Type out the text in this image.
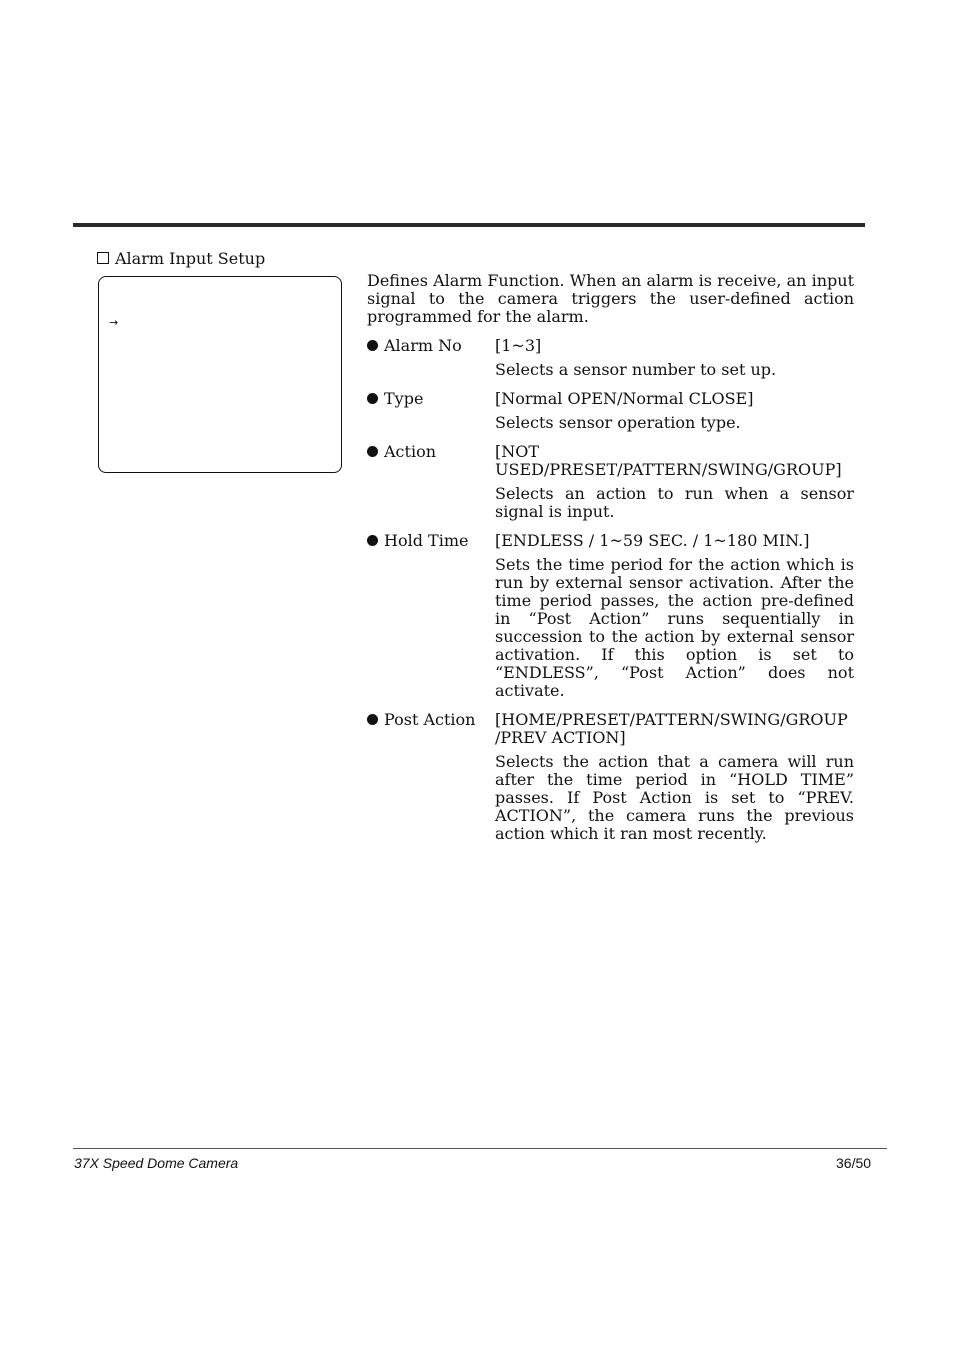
Alarm Input Setup
→

Defines Alarm Function. When an alarm is receive, an input signal to the camera triggers the user-defined action programmed for the alarm.

Alarm No [1~3]

Selects a sensor number to set up.

Type	[Normal OPEN/Normal CLOSE]

Selects sensor operation type.

Action	[NOT USED/PRESET/PATTERN/SWING/GROUP]

Selects an action to run when a sensor signal is input.

Hold Time [ENDLESS / 1~59 SEC. / 1~180 MIN.]

Sets the time period for the action which is run by external sensor activation. After the time period passes, the action pre-defined in “Post Action” runs sequentially in succession to the action by external sensor activation. If this option is set to “ENDLESS”, “Post Action” does not activate.

Post Action [HOME/PRESET/PATTERN/SWING/GROUP /PREV ACTION]

Selects the action that a camera will run after the time period in “HOLD TIME” passes. If Post Action is set to “PREV. ACTION”, the camera runs the previous action which it ran most recently.

37X Speed Dome Camera	36/50
